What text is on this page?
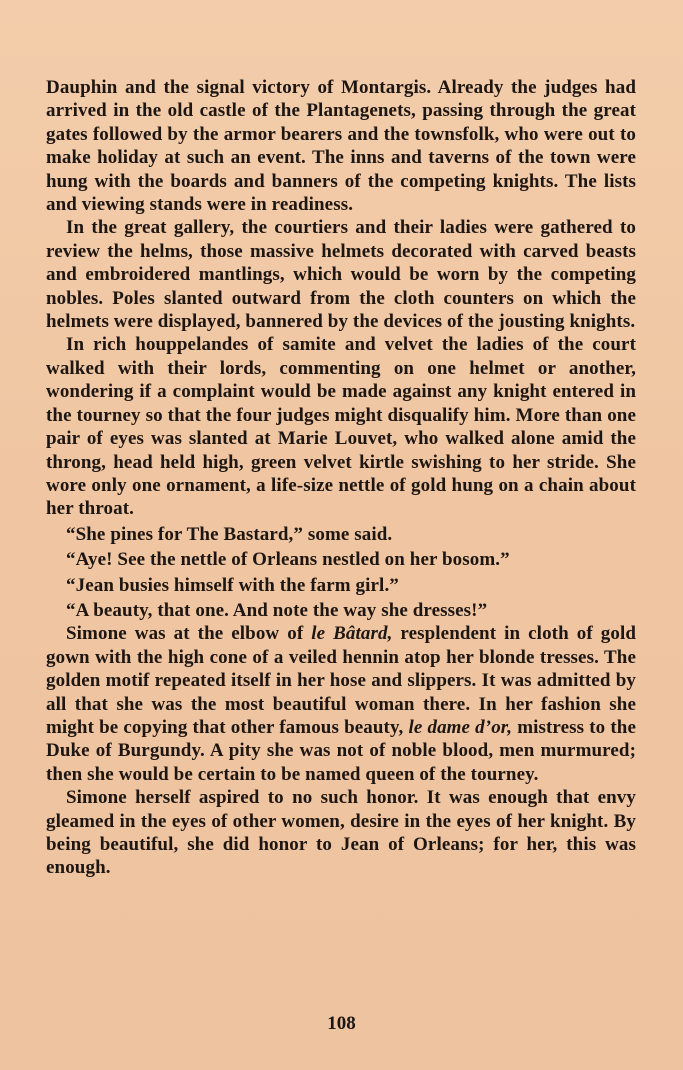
Dauphin and the signal victory of Montargis. Already the judges had arrived in the old castle of the Plantagenets, passing through the great gates followed by the armor bearers and the townsfolk, who were out to make holiday at such an event. The inns and taverns of the town were hung with the boards and banners of the competing knights. The lists and viewing stands were in readiness.

In the great gallery, the courtiers and their ladies were gathered to review the helms, those massive helmets decorated with carved beasts and embroidered mantlings, which would be worn by the competing nobles. Poles slanted outward from the cloth counters on which the helmets were displayed, bannered by the devices of the jousting knights.

In rich houppelandes of samite and velvet the ladies of the court walked with their lords, commenting on one helmet or another, wondering if a complaint would be made against any knight entered in the tourney so that the four judges might disqualify him. More than one pair of eyes was slanted at Marie Louvet, who walked alone amid the throng, head held high, green velvet kirtle swishing to her stride. She wore only one ornament, a life-size nettle of gold hung on a chain about her throat.

“She pines for The Bastard,” some said.

“Aye! See the nettle of Orleans nestled on her bosom.”

“Jean busies himself with the farm girl.”

“A beauty, that one. And note the way she dresses!”

Simone was at the elbow of le Bâtard, resplendent in cloth of gold gown with the high cone of a veiled hennin atop her blonde tresses. The golden motif repeated itself in her hose and slippers. It was admitted by all that she was the most beautiful woman there. In her fashion she might be copying that other famous beauty, le dame d’or, mistress to the Duke of Burgundy. A pity she was not of noble blood, men murmured; then she would be certain to be named queen of the tourney.

Simone herself aspired to no such honor. It was enough that envy gleamed in the eyes of other women, desire in the eyes of her knight. By being beautiful, she did honor to Jean of Orleans; for her, this was enough.

108
